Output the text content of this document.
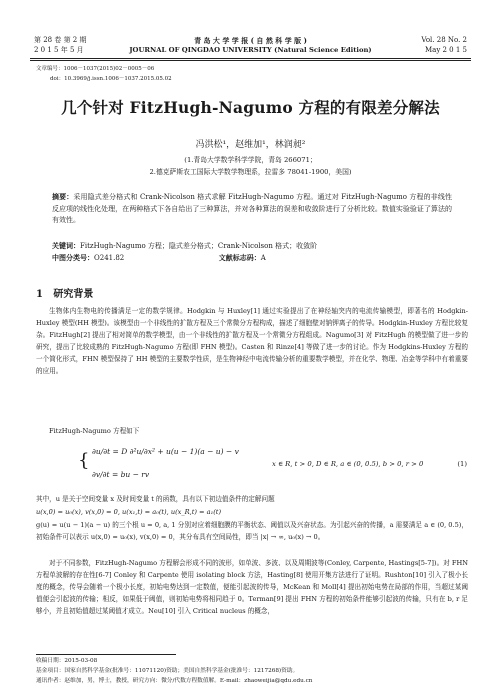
第 28 卷 第 2 期
2 0 1 5 年 5 月
青 岛 大 学 学 报 ( 自 然 科 学 版 )
JOURNAL OF QINGDAO UNIVERSITY (Natural Science Edition)
Vol. 28 No. 2
May 2 0 1 5
文章编号：1006－1037(2015)02－0005－06
doi：10.3969/j.issn.1006－1037.2015.05.02
几个针对 FitzHugh-Nagumo 方程的有限差分解法
冯洪松¹，赵维加¹，林润昶²
(1.青岛大学数学科学学院，青岛 266071；
2.德克萨斯农工国际大学数学物理系，拉雷多 78041-1900，美国)
摘要：采用隐式差分格式和 Crank-Nicolson 格式求解 FitzHugh-Nagumo 方程。通过对 FitzHugh-Nagumo 方程的非线性反应项的线性化处理，在两种格式下各自给出了三种算法，并对各种算法的误差和收敛阶进行了分析比较。数值实验验证了算法的有效性。
关键词：FitzHugh-Nagumo 方程；隐式差分格式；Crank-Nicolson 格式；收敛阶
中图分类号：O241.82	文献标志码：A
1 研究背景
生物体内生物电的传播满足一定的数学规律。Hodgkin 与 Huxley[1] 通过实验提出了在神经轴突内的电流传输模型，即著名的 Hodgkin-Huxley 模型(HH 模型)。该模型由一个非线性的扩散方程及三个常微分方程构成，描述了细胞壁对钠钾离子的传导。Hodgkin-Huxley 方程比较复杂。FitzHugh[2] 提出了相对简单的数学模型，由一个非线性的扩散方程及一个常微分方程组成。Nagumo[3] 对 FitzHugh 的模型做了进一步的研究，提出了比较成熟的 FitzHugh-Nagumo 方程(即 FHN 模型)。Casten 和 Rinze[4] 等做了进一步的讨论。作为 Hodgkins-Huxley 方程的一个简化形式，FHN 模型保持了 HH 模型的主要数学性质，是生物神经中电流传输分析的重要数学模型，并在化学、物理、冶金等学科中有着重要的应用。
FitzHugh-Nagumo 方程如下
{ ∂u/∂t = D ∂²u/∂x² + u(u − 1)(a − u) − v
∂v/∂t = bu − rv
x ∈ R, t > 0, D ∈ R, a ∈ (0, 0.5), b > 0, r > 0	(1)
其中，u 是关于空间变量 x 及时间变量 t 的函数，具有以下初边值条件的定解问题
u(x,0) = u₀(x), v(x,0) = 0, u(x₁,t) = a₀(t), u(x_R,t) = a₁(t)
g(u) = u(u − 1)(a − u) 的三个根 u = 0, a, 1 分别对应着细胞膜的平衡状态、阈值以及兴奋状态。为引起兴奋的传播，a 需要满足 a ∈ (0, 0.5)，初始条件可以表示 u(x,0) = u₀(x), v(x,0) = 0，其分布具有空间局性，即当 |x| → ∞, u₀(x) → 0。
对于不同参数，FitzHugh-Nagumo 方程解会形成不同的波形，如单波、多波、以及周期波等(Conley, Carpente, Hastings[5-7])。对 FHN 方程单波解的存在性[6-7] Conley 和 Carpente 使用 isolating block 方法，Hasting[8] 使用开集方法进行了证明。Rushton[10] 引入了极小长度的概念，传导会随着一个极小长度，初始电势达到一定数值，便能引起波的传导，McKean 和 Moll[4] 提出初始电势在局部的作用，当超过某阈值便会引起波的传输；相反，如果低于阈值，则初始电势将相同趋于 0。Terman[9] 提出 FHN 方程的初始条件能够引起波的传输，只有在 b, r 足够小，并且初始值超过某阈值才成立。Neu[10] 引入 Critical nucleus 的概念，
收稿日期：2015-03-08
基金项目：国家自然科学基金(批准号：11071120)资助；美国自然科学基金(批准号：1217268)资助。
通讯作者：赵维加，男，博士，教授，研究方向：微分/代数方程数值解。E-mail：zhaoweijia@qdu.edu.cn
